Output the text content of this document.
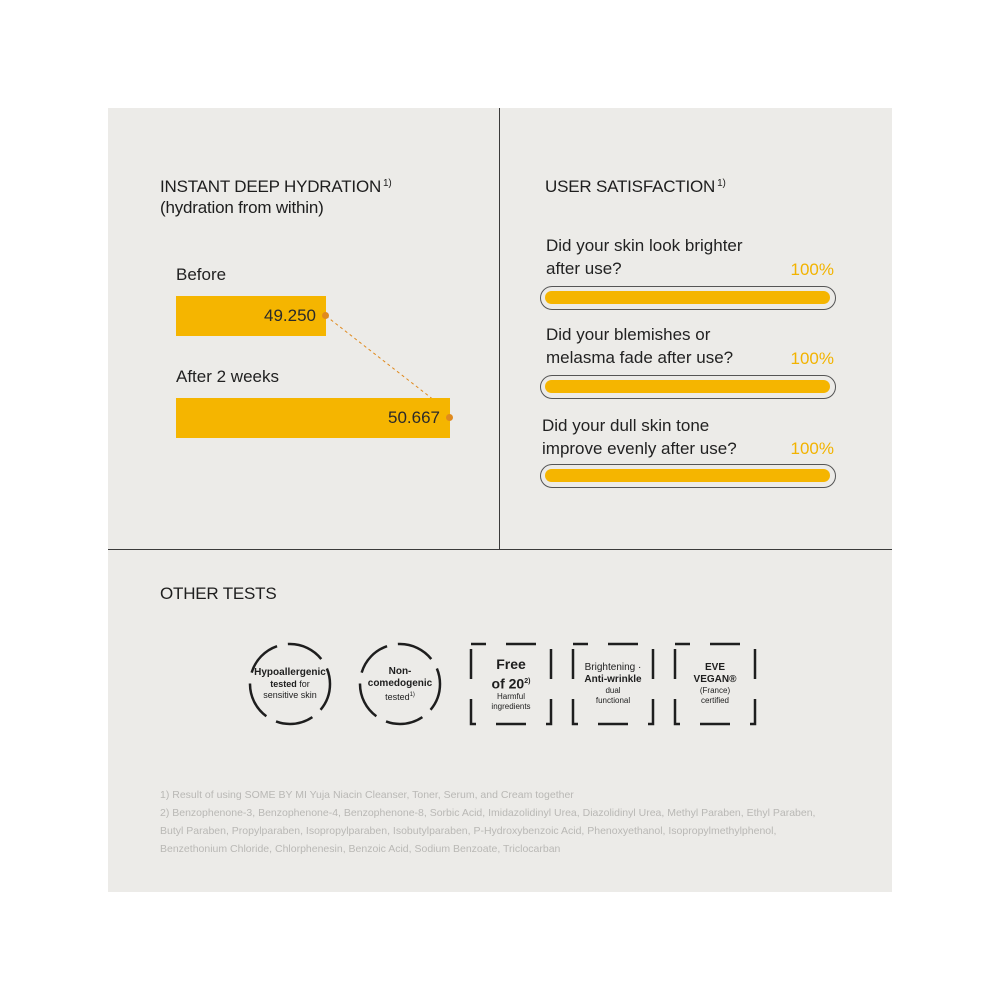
INSTANT DEEP HYDRATION $^{1)}$
(hydration from within)
Before
49.250
After 2 weeks
50.667
USER SATISFACTION $^{1)}$
Did your skin look brighter
after use?	100%
Did your blemishes or
melasma fade after use?	100%
Did your dull skin tone
improve evenly after use?	100%
OTHER TESTS
Hypoallergenic
tested for
sensitive skin
Non-
comedogenic
tested$^{1)}$
Free
of 20$^{2)}$
Harmful
ingredients
Brightening ·
Anti-wrinkle
dual
functional
EVE
VEGAN®
(France)
certified
1) Result of using SOME BY MI Yuja Niacin Cleanser, Toner, Serum, and Cream together
2) Benzophenone-3, Benzophenone-4, Benzophenone-8, Sorbic Acid, Imidazolidinyl Urea, Diazolidinyl Urea, Methyl Paraben, Ethyl Paraben, Butyl Paraben, Propylparaben, Isopropylparaben, Isobutylparaben, P-Hydroxybenzoic Acid, Phenoxyethanol, Isopropylmethylphenol, Benzethonium Chloride, Chlorphenesin, Benzoic Acid, Sodium Benzoate, Triclocarban
